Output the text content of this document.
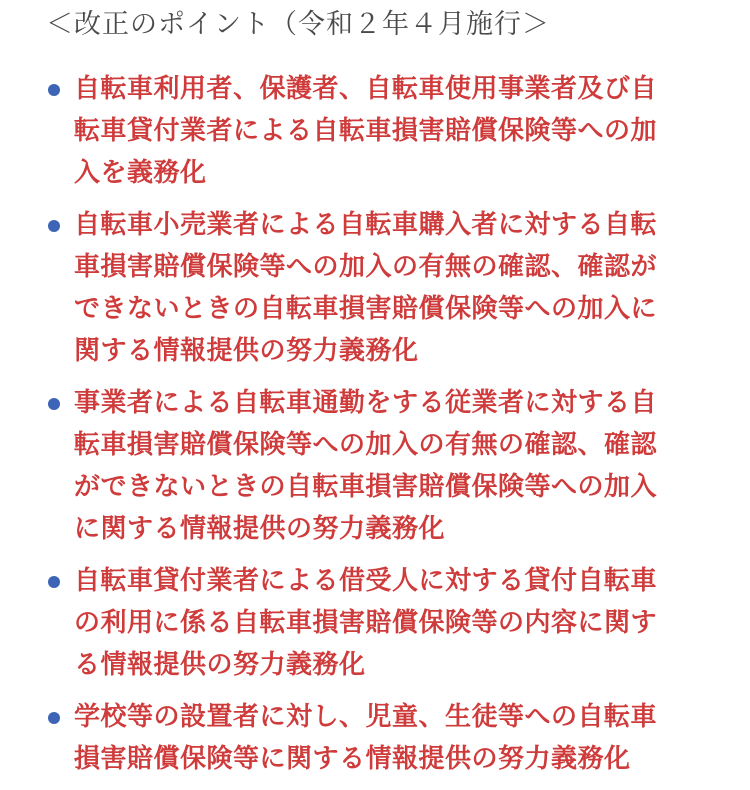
＜改正のポイント（令和２年４月施行＞
自転車利用者、保護者、自転車使用事業者及び自
転車貸付業者による自転車損害賠償保険等への加
入を義務化
自転車小売業者による自転車購入者に対する自転
車損害賠償保険等への加入の有無の確認、確認が
できないときの自転車損害賠償保険等への加入に
関する情報提供の努力義務化
事業者による自転車通勤をする従業者に対する自
転車損害賠償保険等への加入の有無の確認、確認
ができないときの自転車損害賠償保険等への加入
に関する情報提供の努力義務化
自転車貸付業者による借受人に対する貸付自転車
の利用に係る自転車損害賠償保険等の内容に関す
る情報提供の努力義務化
学校等の設置者に対し、児童、生徒等への自転車
損害賠償保険等に関する情報提供の努力義務化
